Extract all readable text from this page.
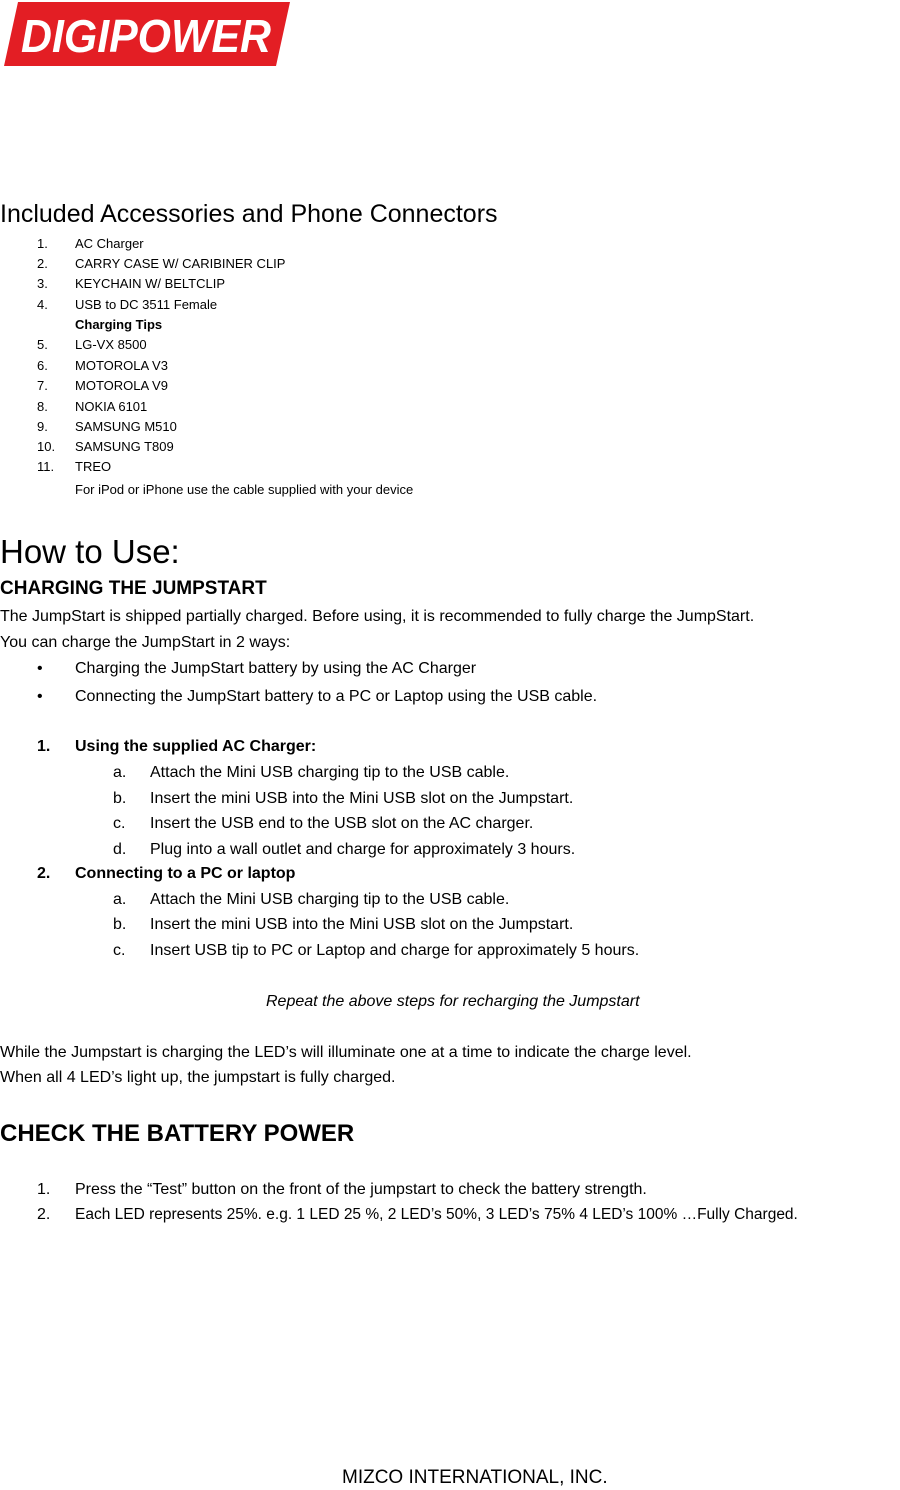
DIGIPOWER
Included Accessories and Phone Connectors
1. AC Charger
2. CARRY CASE W/ CARIBINER CLIP
3. KEYCHAIN W/ BELTCLIP
4. USB to DC 3511 Female
Charging Tips
5. LG-VX 8500
6. MOTOROLA V3
7. MOTOROLA V9
8. NOKIA 6101
9. SAMSUNG M510
10. SAMSUNG T809
11. TREO
For iPod or iPhone use the cable supplied with your device
How to Use:
CHARGING THE JUMPSTART
The JumpStart is shipped partially charged. Before using, it is recommended to fully charge the JumpStart.
You can charge the JumpStart in 2 ways:
• Charging the JumpStart battery by using the AC Charger
• Connecting the JumpStart battery to a PC or Laptop using the USB cable.
1. Using the supplied AC Charger:
a. Attach the Mini USB charging tip to the USB cable.
b. Insert the mini USB into the Mini USB slot on the Jumpstart.
c. Insert the USB end to the USB slot on the AC charger.
d. Plug into a wall outlet and charge for approximately 3 hours.
2. Connecting to a PC or laptop
a. Attach the Mini USB charging tip to the USB cable.
b. Insert the mini USB into the Mini USB slot on the Jumpstart.
c. Insert USB tip to PC or Laptop and charge for approximately 5 hours.
Repeat the above steps for recharging the Jumpstart
While the Jumpstart is charging the LED’s will illuminate one at a time to indicate the charge level.
When all 4 LED’s light up, the jumpstart is fully charged.
CHECK THE BATTERY POWER
1. Press the “Test” button on the front of the jumpstart to check the battery strength.
2. Each LED represents 25%. e.g. 1 LED 25 %, 2 LED’s 50%, 3 LED’s 75% 4 LED’s 100% …Fully Charged.
MIZCO INTERNATIONAL, INC.
